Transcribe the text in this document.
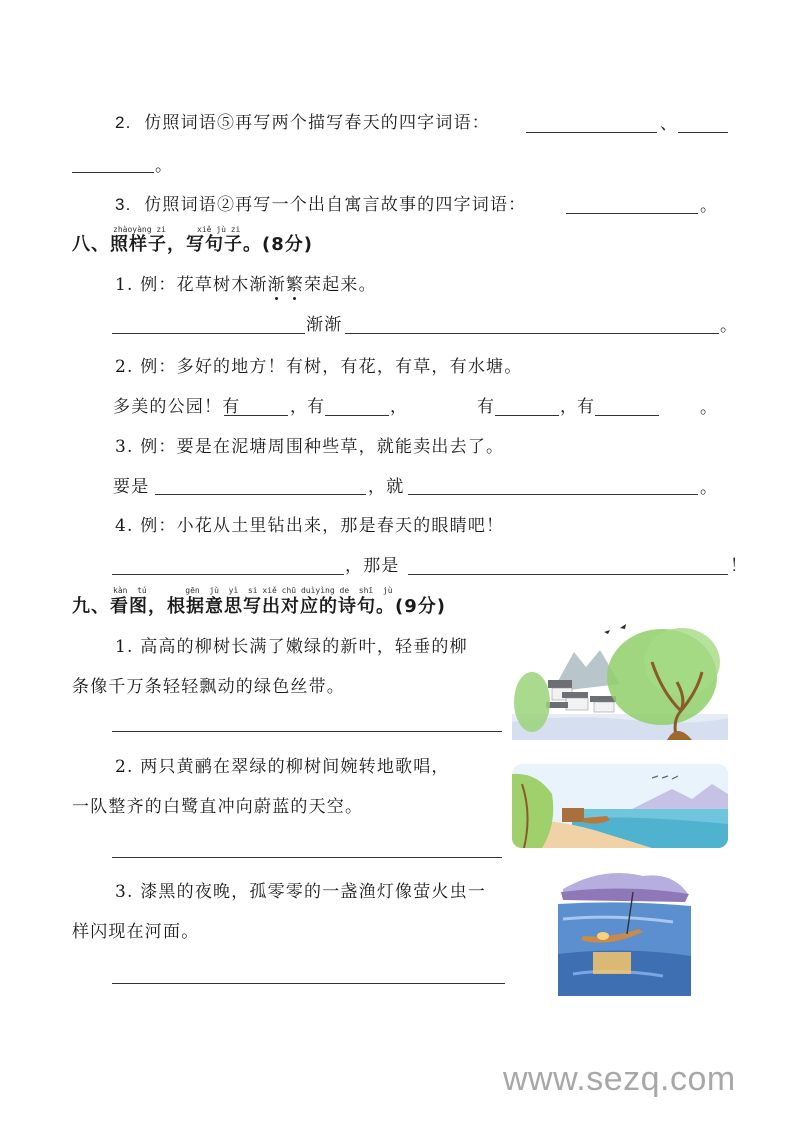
2. 仿照词语⑤再写两个描写春天的四字词语：	、
。
3. 仿照词语②再写一个出自寓言故事的四字词语：	。
zhàoyàng zi	xiě jù zi
八、照样子，写句子。(8分)
1. 例：花草树木渐渐繁荣起来。
渐渐	。
2. 例：多好的地方！有树，有花，有草，有水塘。
多美的公园！有	，
有	，	有	，
有	。
3. 例：要是在泥塘周围种些草，就能卖出去了。
要是	，就	。
4. 例：小花从土里钻出来，那是春天的眼睛吧！
，那是	！
kàn tú	gēn jù yì si xiě chū duìyìng de shī jù
九、看图，根据意思写出对应的诗句。(9分)
1. 高高的柳树长满了嫩绿的新叶，轻垂的柳
条像千万条轻轻飘动的绿色丝带。
2. 两只黄鹂在翠绿的柳树间婉转地歌唱，
一队整齐的白鹭直冲向蔚蓝的天空。
3. 漆黑的夜晚，孤零零的一盏渔灯像萤火虫一
样闪现在河面。
www.sezq.com
